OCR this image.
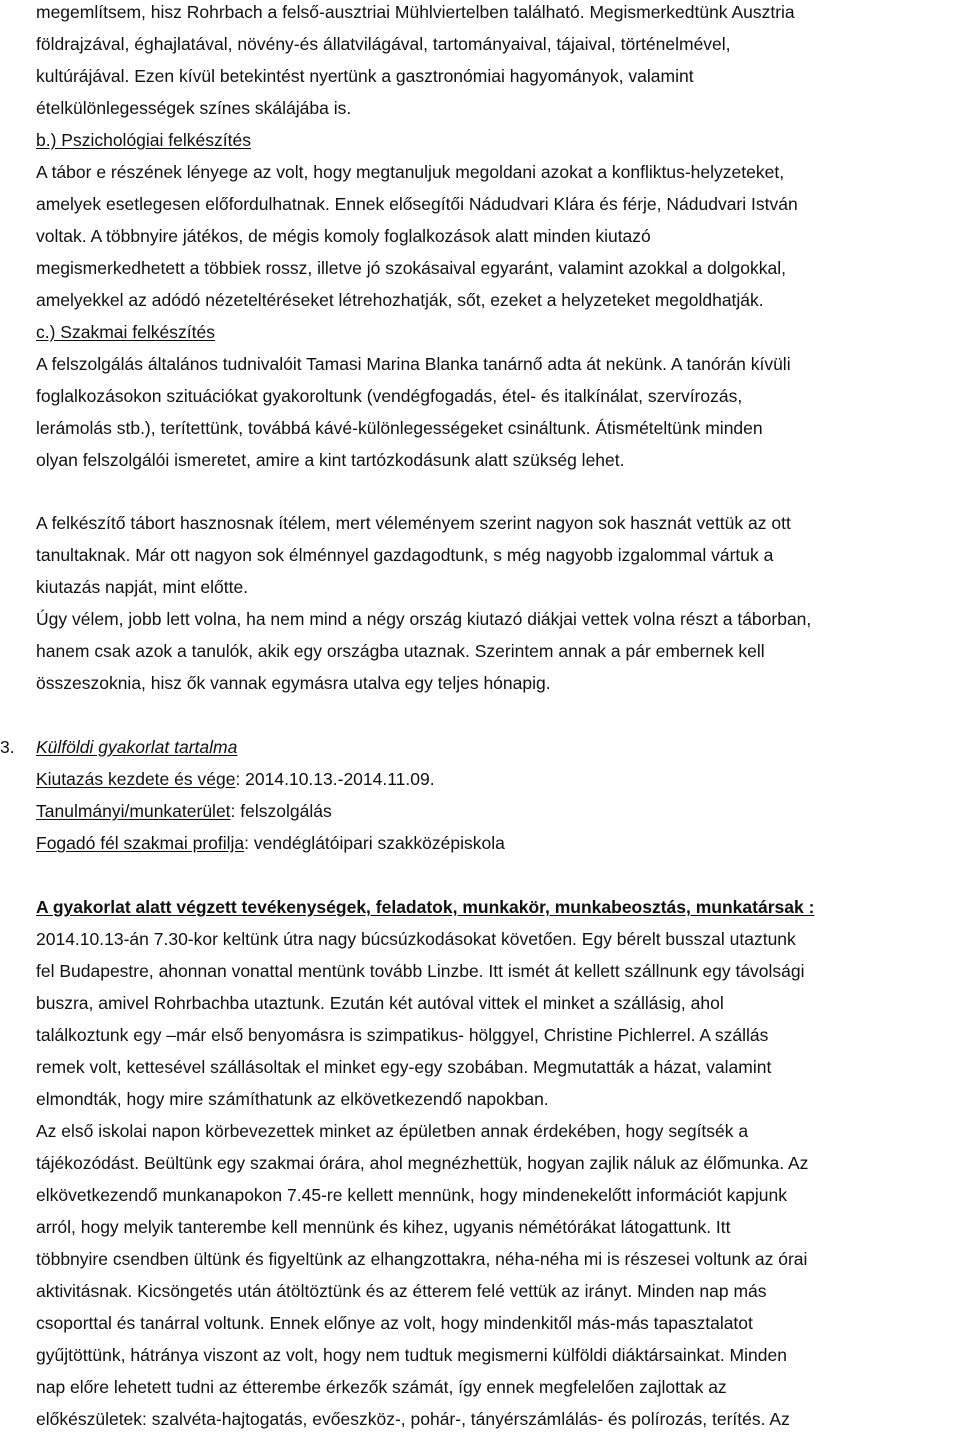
megemlítsem, hisz Rohrbach a felső-ausztriai Mühlviertelben található. Megismerkedtünk Ausztria
földrajzával, éghajlatával, növény-és állatvilágával, tartományaival, tájaival, történelmével,
kultúrájával. Ezen kívül betekintést nyertünk a gasztronómiai hagyományok, valamint
ételkülönlegességek színes skálájába is.
b.) Pszichológiai felkészítés
A tábor e részének lényege az volt, hogy megtanuljuk megoldani azokat a konfliktus-helyzeteket,
amelyek esetlegesen előfordulhatnak. Ennek elősegítői Nádudvari Klára és férje, Nádudvari István
voltak. A többnyire játékos, de mégis komoly foglalkozások alatt minden kiutazó
megismerkedhetett a többiek rossz, illetve jó szokásaival egyaránt, valamint azokkal a dolgokkal,
amelyekkel az adódó nézeteltéréseket létrehozhatják, sőt, ezeket a helyzeteket megoldhatják.
c.) Szakmai felkészítés
A felszolgálás általános tudnivalóit Tamasi Marina Blanka tanárnő adta át nekünk. A tanórán kívüli
foglalkozásokon szituációkat gyakoroltunk (vendégfogadás, étel- és italkínálat, szervírozás,
lerámolás stb.), terítettünk, továbbá kávé-különlegességeket csináltunk. Átismételtünk minden
olyan felszolgálói ismeretet, amire a kint tartózkodásunk alatt szükség lehet.
A felkészítő tábort hasznosnak ítélem, mert véleményem szerint nagyon sok hasznát vettük az ott
tanultaknak. Már ott nagyon sok élménnyel gazdagodtunk, s még nagyobb izgalommal vártuk a
kiutazás napját, mint előtte.
Úgy vélem, jobb lett volna, ha nem mind a négy ország kiutazó diákjai vettek volna részt a táborban,
hanem csak azok a tanulók, akik egy országba utaznak. Szerintem annak a pár embernek kell
összeszoknia, hisz ők vannak egymásra utalva egy teljes hónapig.
3. Külföldi gyakorlat tartalma
Kiutazás kezdete és vége: 2014.10.13.-2014.11.09.
Tanulmányi/munkaterület: felszolgálás
Fogadó fél szakmai profilja: vendéglátóipari szakközépiskola
A gyakorlat alatt végzett tevékenységek, feladatok, munkakör, munkabeosztás, munkatársak :
2014.10.13-án 7.30-kor keltünk útra nagy búcsúzkodásokat követően. Egy bérelt busszal utaztunk
fel Budapestre, ahonnan vonattal mentünk tovább Linzbe. Itt ismét át kellett szállnunk egy távolsági
buszra, amivel Rohrbachba utaztunk. Ezután két autóval vittek el minket a szállásig, ahol
találkoztunk egy –már első benyomásra is szimpatikus- hölggyel, Christine Pichlerrel. A szállás
remek volt, kettesével szállásoltak el minket egy-egy szobában. Megmutatták a házat, valamint
elmondták, hogy mire számíthatunk az elkövetkezendő napokban.
Az első iskolai napon körbevezettek minket az épületben annak érdekében, hogy segítsék a
tájékozódást. Beültünk egy szakmai órára, ahol megnézhettük, hogyan zajlik náluk az élőmunka. Az
elkövetkezendő munkanapokon 7.45-re kellett mennünk, hogy mindenekelőtt információt kapjunk
arról, hogy melyik tanterembe kell mennünk és kihez, ugyanis némétórákat látogattunk. Itt
többnyire csendben ültünk és figyeltünk az elhangzottakra, néha-néha mi is részesei voltunk az órai
aktivitásnak. Kicsöngetés után átöltöztünk és az étterem felé vettük az irányt. Minden nap más
csoporttal és tanárral voltunk. Ennek előnye az volt, hogy mindenkitől más-más tapasztalatot
gyűjtöttünk, hátránya viszont az volt, hogy nem tudtuk megismerni külföldi diáktársainkat. Minden
nap előre lehetett tudni az étterembe érkezők számát, így ennek megfelelően zajlottak az
előkészületek: szalvéta-hajtogatás, evőeszköz-, pohár-, tányérszámlálás- és polírozás, terítés. Az
